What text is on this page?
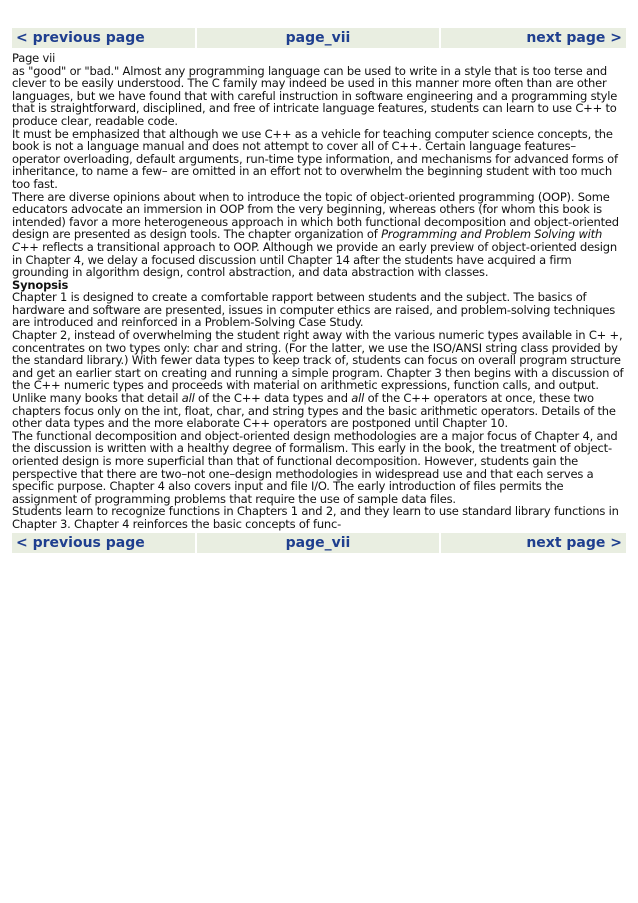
< previous page	page_vii	next page >

Page vii

as "good" or "bad." Almost any programming language can be used to write in a style that is too terse and clever to be easily understood. The C family may indeed be used in this manner more often than are other languages, but we have found that with careful instruction in software engineering and a programming style that is straightforward, disciplined, and free of intricate language features, students can learn to use C++ to produce clear, readable code.

It must be emphasized that although we use C++ as a vehicle for teaching computer science concepts, the book is not a language manual and does not attempt to cover all of C++. Certain language features– operator overloading, default arguments, run-time type information, and mechanisms for advanced forms of inheritance, to name a few– are omitted in an effort not to overwhelm the beginning student with too much too fast.

There are diverse opinions about when to introduce the topic of object-oriented programming (OOP). Some educators advocate an immersion in OOP from the very beginning, whereas others (for whom this book is intended) favor a more heterogeneous approach in which both functional decomposition and object-oriented design are presented as design tools. The chapter organization of Programming and Problem Solving with C++ reflects a transitional approach to OOP. Although we provide an early preview of object-oriented design in Chapter 4, we delay a focused discussion until Chapter 14 after the students have acquired a firm grounding in algorithm design, control abstraction, and data abstraction with classes.

Synopsis

Chapter 1 is designed to create a comfortable rapport between students and the subject. The basics of hardware and software are presented, issues in computer ethics are raised, and problem-solving techniques are introduced and reinforced in a Problem-Solving Case Study.

Chapter 2, instead of overwhelming the student right away with the various numeric types available in C+ +, concentrates on two types only: char and string. (For the latter, we use the ISO/ANSI string class provided by the standard library.) With fewer data types to keep track of, students can focus on overall program structure and get an earlier start on creating and running a simple program. Chapter 3 then begins with a discussion of the C++ numeric types and proceeds with material on arithmetic expressions, function calls, and output. Unlike many books that detail all of the C++ data types and all of the C++ operators at once, these two chapters focus only on the int, float, char, and string types and the basic arithmetic operators. Details of the other data types and the more elaborate C++ operators are postponed until Chapter 10.

The functional decomposition and object-oriented design methodologies are a major focus of Chapter 4, and the discussion is written with a healthy degree of formalism. This early in the book, the treatment of object-oriented design is more superficial than that of functional decomposition. However, students gain the perspective that there are two–not one–design methodologies in widespread use and that each serves a specific purpose. Chapter 4 also covers input and file I/O. The early introduction of files permits the assignment of programming problems that require the use of sample data files.

Students learn to recognize functions in Chapters 1 and 2, and they learn to use standard library functions in Chapter 3. Chapter 4 reinforces the basic concepts of func-

< previous page	page_vii	next page >
